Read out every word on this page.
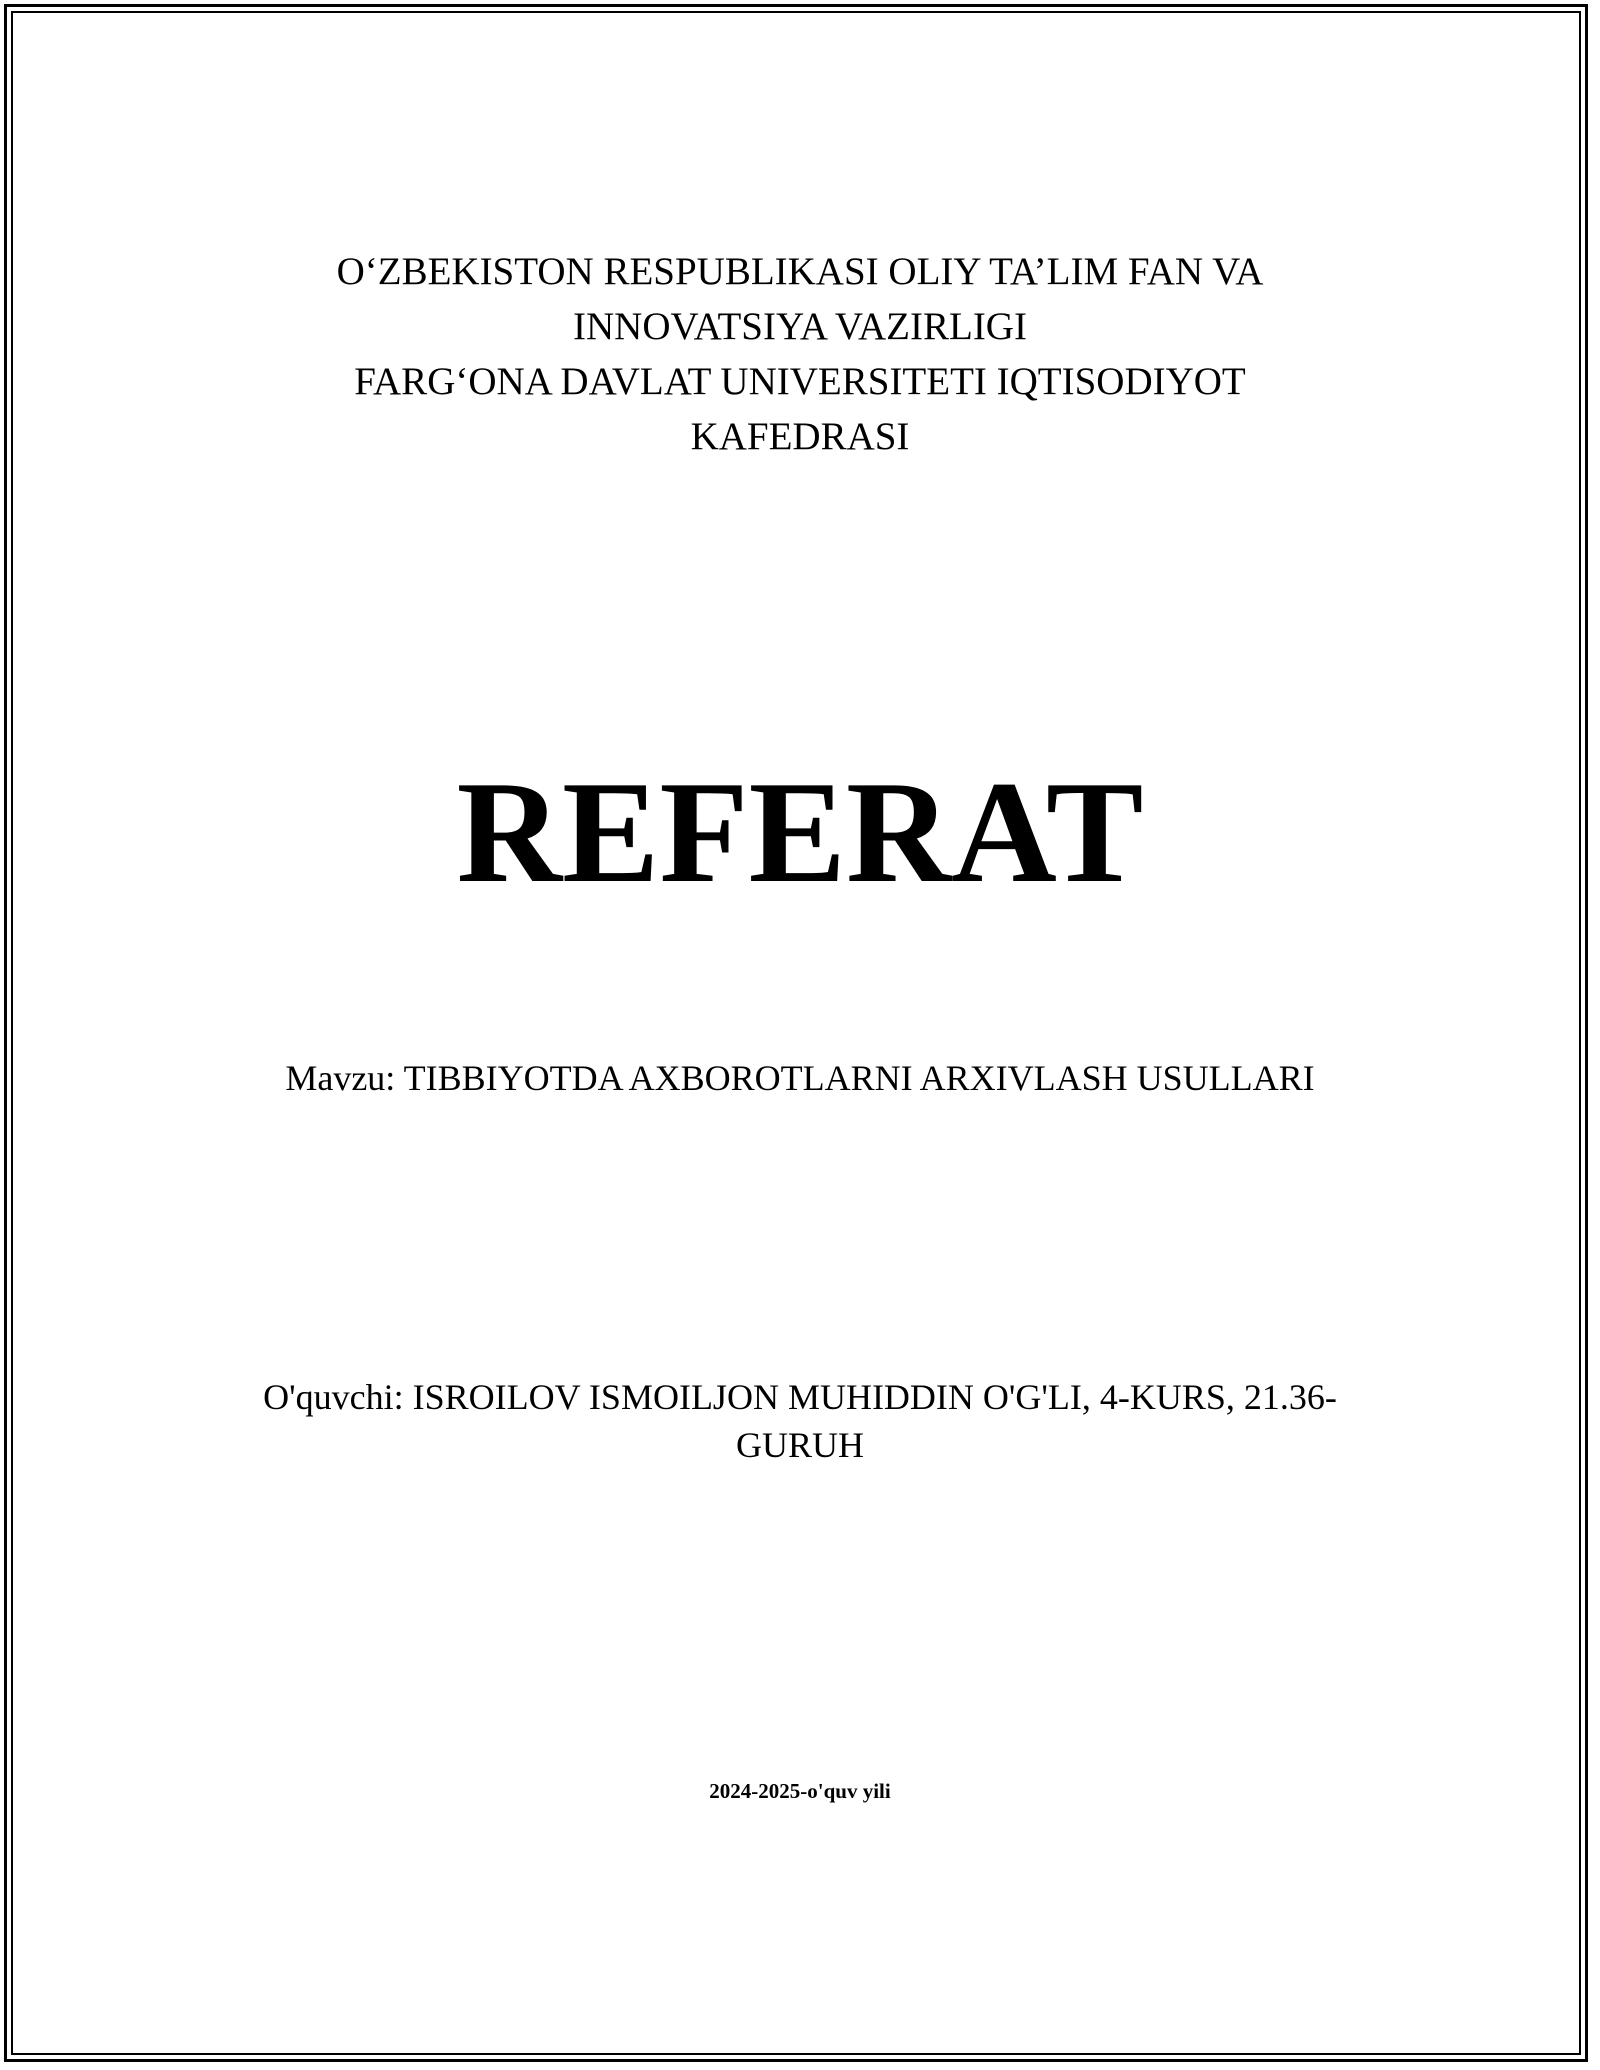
O‘ZBEKISTON RESPUBLIKASI OLIY TA’LIM FAN VA
INNOVATSIYA VAZIRLIGI
FARG‘ONA DAVLAT UNIVERSITETI IQTISODIYOT
KAFEDRASI
REFERAT
Mavzu: TIBBIYOTDA AXBOROTLARNI ARXIVLASH USULLARI
O'quvchi: ISROILOV ISMOILJON MUHIDDIN O'G'LI, 4-KURS, 21.36-
GURUH
2024-2025-o'quv yili
